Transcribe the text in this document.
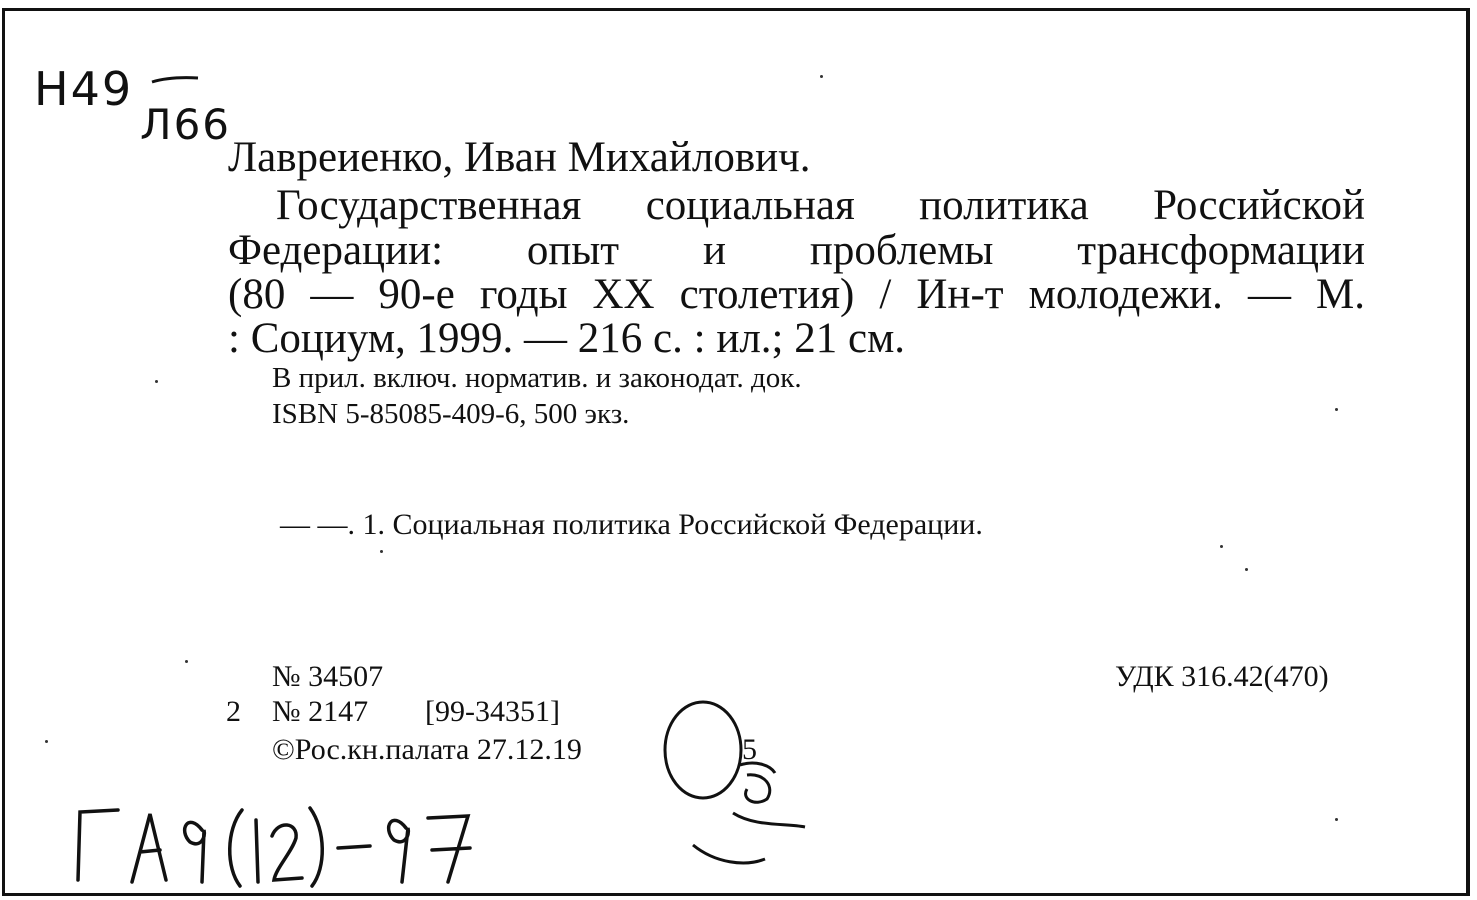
Н49
Л66
Лавреиенко, Иван Михайлович.
Государственная социальная политика Российской
Федерации: опыт и проблемы трансформации
(80 — 90-е годы XX столетия) / Ин-т молодежи. — М.
: Социум, 1999. — 216 с. : ил.; 21 см.
В прил. включ. норматив. и законодат. док.
ISBN 5-85085-409-6, 500 экз.
— —. 1. Социальная политика Российской Федерации.
№ 34507
2 № 2147 [99-34351]
©Рос.кн.палата 27.12.19	5
УДК 316.42(470)
ГА9(12)-97
